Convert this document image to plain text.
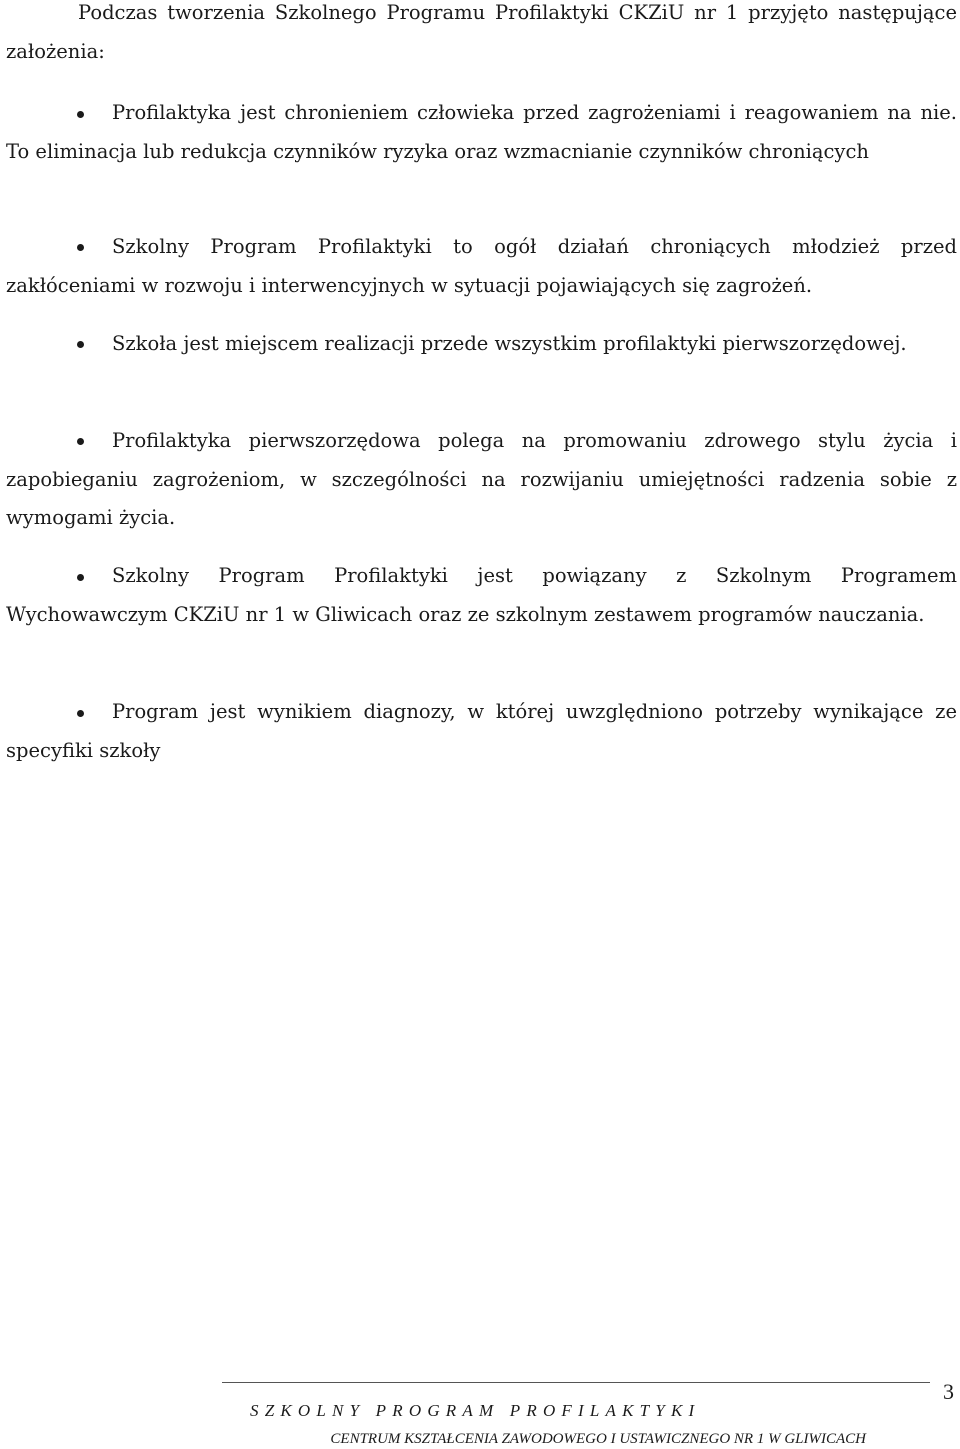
Podczas tworzenia Szkolnego Programu Profilaktyki CKZiU nr 1 przyjęto następujące założenia:

Profilaktyka jest chronieniem człowieka przed zagrożeniami i reagowaniem na nie. To eliminacja lub redukcja czynników ryzyka oraz wzmacnianie czynników chroniących

Szkolny Program Profilaktyki to ogół działań chroniących młodzież przed zakłóceniami w rozwoju i interwencyjnych w sytuacji pojawiających się zagrożeń.

Szkoła jest miejscem realizacji przede wszystkim profilaktyki pierwszorzędowej.

Profilaktyka pierwszorzędowa polega na promowaniu zdrowego stylu życia i zapobieganiu zagrożeniom, w szczególności na rozwijaniu umiejętności radzenia sobie z wymogami życia.

Szkolny Program Profilaktyki jest powiązany z Szkolnym Programem Wychowawczym CKZiU nr 1 w Gliwicach oraz ze szkolnym zestawem programów nauczania.

Program jest wynikiem diagnozy, w której uwzględniono potrzeby wynikające ze specyfiki szkoły

3
SZKOLNY PROGRAM PROFILAKTYKI
CENTRUM KSZTAŁCENIA ZAWODOWEGO I USTAWICZNEGO NR 1 W GLIWICACH
